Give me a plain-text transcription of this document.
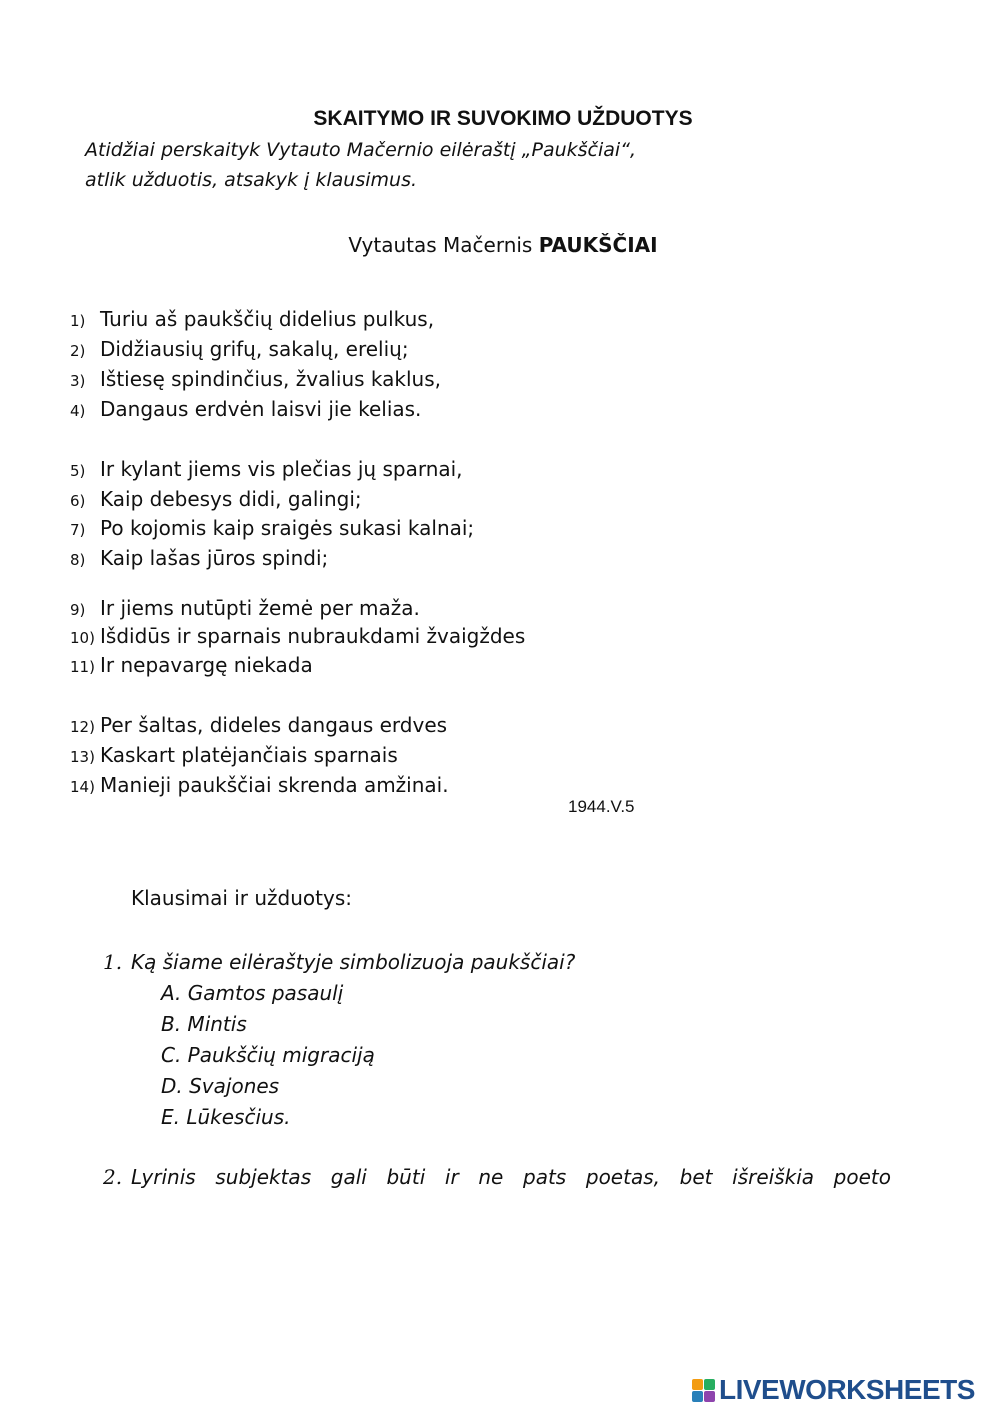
SKAITYMO IR SUVOKIMO UŽDUOTYS
Atidžiai perskaityk Vytauto Mačernio eilėraštį „Paukščiai“,
atlik užduotis, atsakyk į klausimus.
Vytautas Mačernis PAUKŠČIAI
1) Turiu aš paukščių didelius pulkus,
2) Didžiausių grifų, sakalų, erelių;
3) Ištiesę spindinčius, žvalius kaklus,
4) Dangaus erdvėn laisvi jie kelias.
5) Ir kylant jiems vis plečias jų sparnai,
6) Kaip debesys didi, galingi;
7) Po kojomis kaip sraigės sukasi kalnai;
8) Kaip lašas jūros spindi;
9) Ir jiems nutūpti žemė per maža.
10) Išdidūs ir sparnais nubraukdami žvaigždes
11) Ir nepavargę niekada
12) Per šaltas, dideles dangaus erdves
13) Kaskart platėjančiais sparnais
14) Manieji paukščiai skrenda amžinai.
1944.V.5
Klausimai ir užduotys:
1. Ką šiame eilėraštyje simbolizuoja paukščiai?
A. Gamtos pasaulį
B. Mintis
C. Paukščių migraciją
D. Svajones
E. Lūkesčius.
2. Lyrinis subjektas gali būti ir ne pats poetas, bet išreiškia poeto
LIVEWORKSHEETS
